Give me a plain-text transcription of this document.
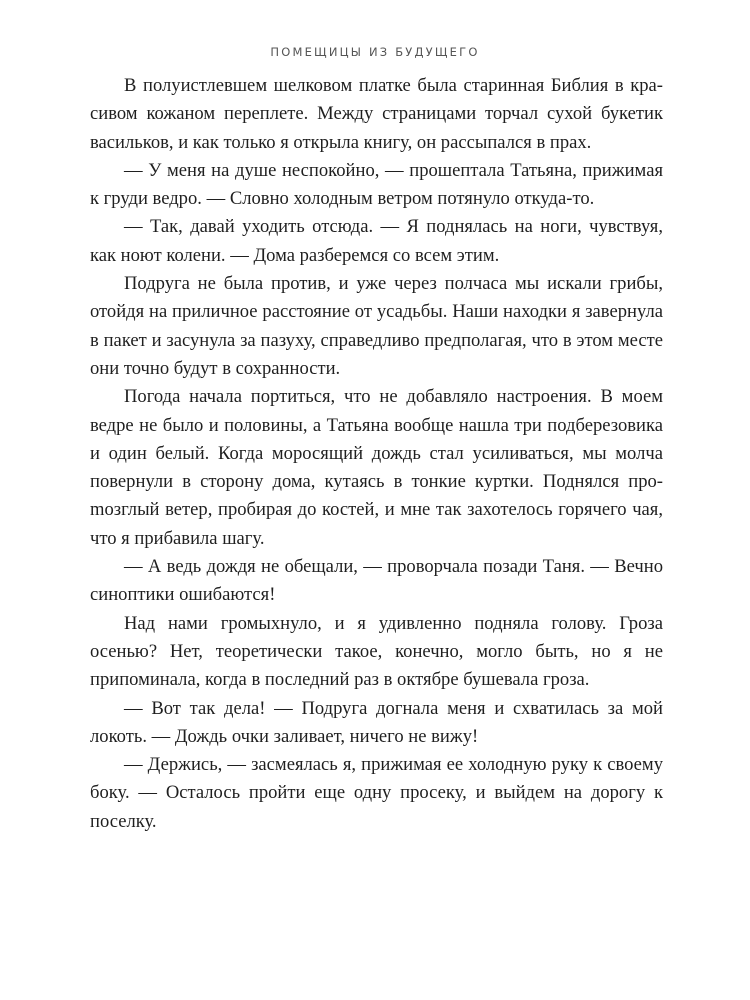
ПОМЕЩИЦЫ ИЗ БУДУЩЕГО

В полуистлевшем шелковом платке была старинная Библия в красивом кожаном переплете. Между страницами торчал сухой букетик васильков, и как только я открыла книгу, он рассыпался в прах.

— У меня на душе неспокойно, — прошептала Татьяна, прижимая к груди ведро. — Словно холодным ветром потянуло откуда-то.

— Так, давай уходить отсюда. — Я поднялась на ноги, чувствуя, как ноют колени. — Дома разберемся со всем этим.

Подруга не была против, и уже через полчаса мы искали грибы, отойдя на приличное расстояние от усадьбы. Наши находки я завернула в пакет и засунула за пазуху, справедливо предполагая, что в этом месте они точно будут в сохранности.

Погода начала портиться, что не добавляло настроения. В моем ведре не было и половины, а Татьяна вообще нашла три подберезовика и один белый. Когда моросящий дождь стал усиливаться, мы молча повернули в сторону дома, кутаясь в тонкие куртки. Поднялся проmозглый ветер, пробирая до костей, и мне так захотелось горячего чая, что я прибавила шагу.

— А ведь дождя не обещали, — проворчала позади Таня. — Вечно синоптики ошибаются!

Над нами громыхнуло, и я удивленно подняла голову. Гроза осенью? Нет, теоретически такое, конечно, могло быть, но я не припоминала, когда в последний раз в октябре бушевала гроза.

— Вот так дела! — Подруга догнала меня и схватилась за мой локоть. — Дождь очки заливает, ничего не вижу!

— Держись, — засмеялась я, прижимая ее холодную руку к своему боку. — Осталось пройти еще одну просеку, и выйдем на дорогу к поселку.
